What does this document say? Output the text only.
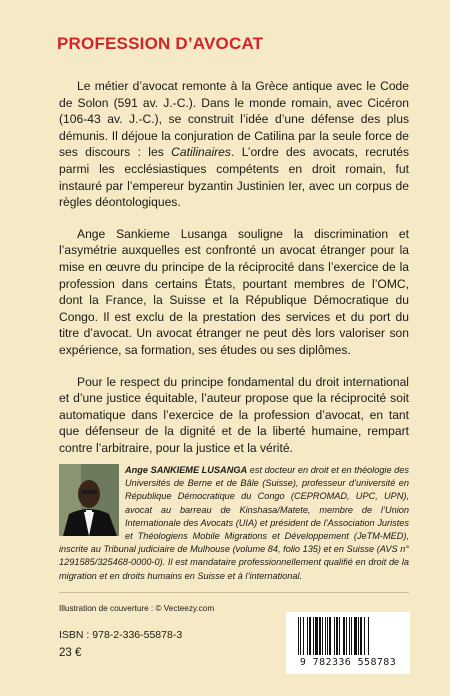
PROFESSION D’AVOCAT

Le métier d’avocat remonte à la Grèce antique avec le Code de Solon (591 av. J.-C.). Dans le monde romain, avec Cicéron (106-43 av. J.-C.), se construit l’idée d’une défense des plus démunis. Il déjoue la conjuration de Catilina par la seule force de ses discours : les Catilinaires. L’ordre des avocats, recrutés parmi les ecclésiastiques compétents en droit romain, fut instauré par l’empereur byzantin Justinien Ier, avec un corpus de règles déontologiques.

Ange Sankieme Lusanga souligne la discrimination et l’asymétrie auxquelles est confronté un avocat étranger pour la mise en œuvre du principe de la réciprocité dans l’exercice de la profession dans certains États, pourtant membres de l’OMC, dont la France, la Suisse et la République Démocratique du Congo. Il est exclu de la prestation des services et du port du titre d’avocat. Un avocat étranger ne peut dès lors valoriser son expérience, sa formation, ses études ou ses diplômes.

Pour le respect du principe fondamental du droit international et d’une justice équitable, l’auteur propose que la réciprocité soit automatique dans l’exercice de la profession d’avocat, en tant que défenseur de la dignité et de la liberté humaine, rempart contre l’arbitraire, pour la justice et la vérité.

Ange SANKIEME LUSANGA est docteur en droit et en théologie des Universités de Berne et de Bâle (Suisse), professeur d’université en République Démocratique du Congo (CEPROMAD, UPC, UPN), avocat au barreau de Kinshasa/Matete, membre de l’Union Internationale des Avocats (UIA) et président de l’Association Juristes et Théologiens Mobile Migrations et Développement (JeTM-MED), inscrite au Tribunal judiciaire de Mulhouse (volume 84, folio 135) et en Suisse (AVS n° 1291585/325468-0000-0). Il est mandataire professionnellement qualifié en droit de la migration et en droits humains en Suisse et à l’international.

Illustration de couverture : © Vecteezy.com

ISBN : 978-2-336-55878-3

23 €

9 782336 558783
